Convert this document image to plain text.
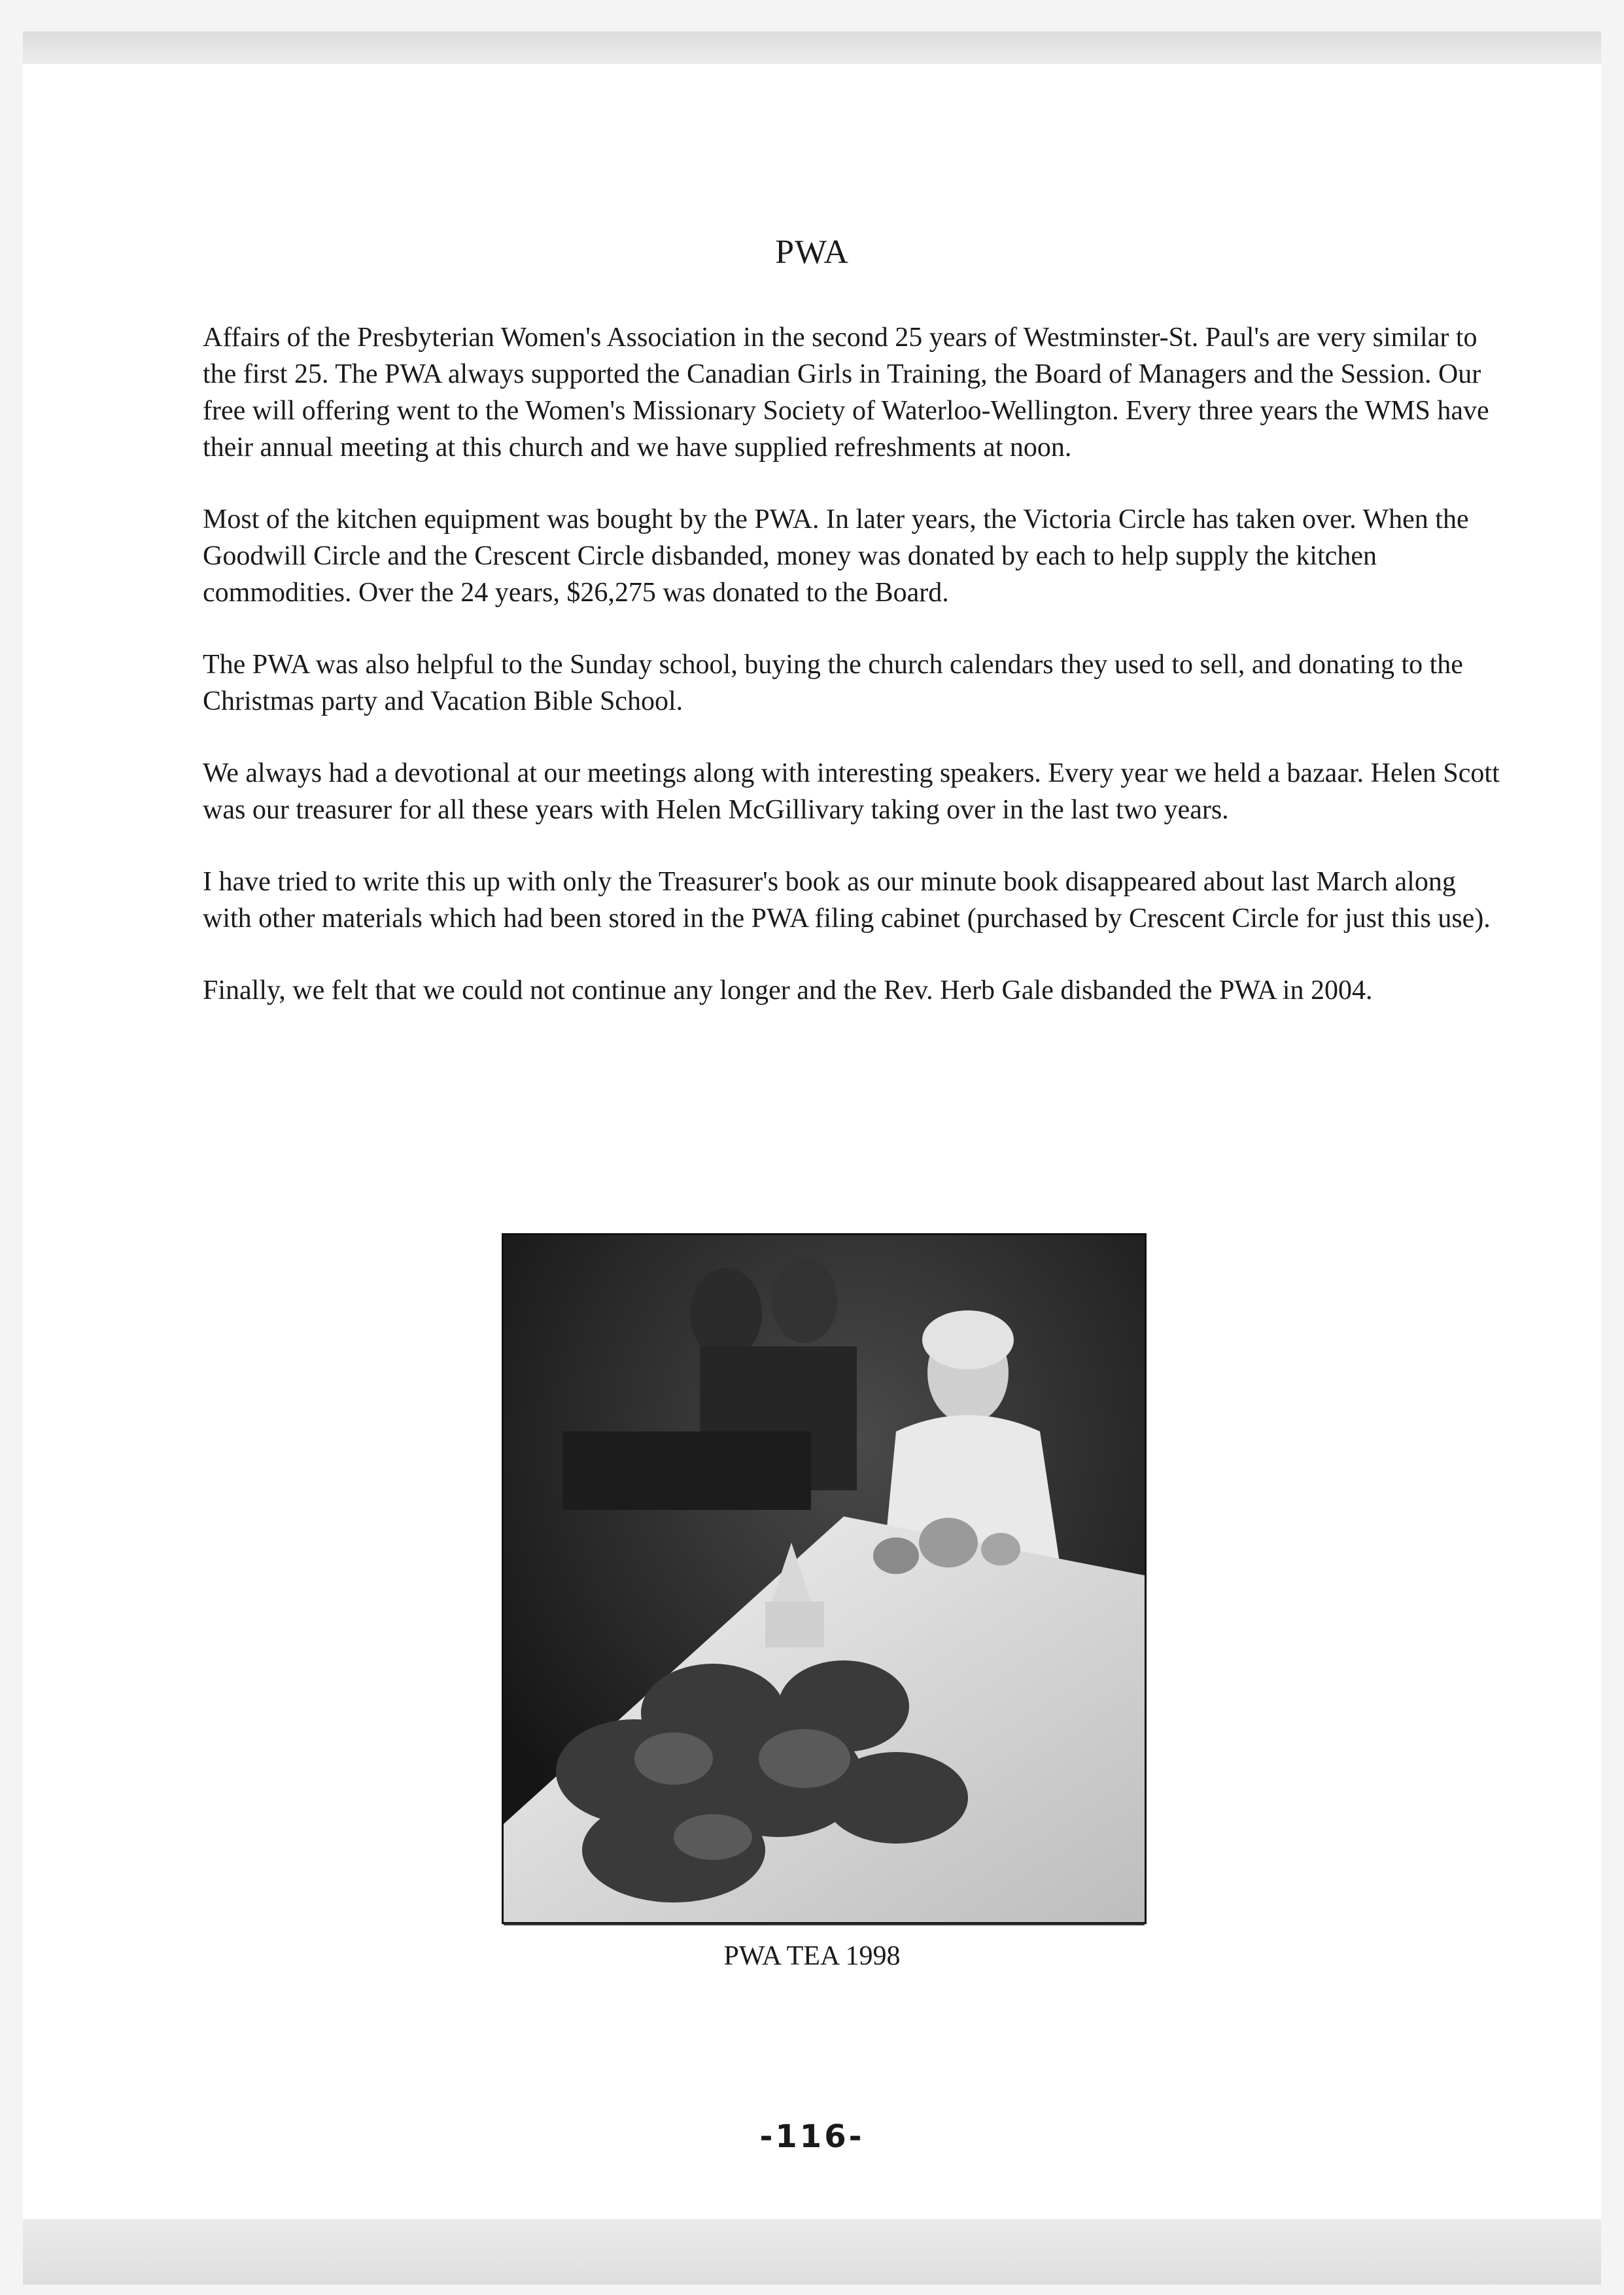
PWA

Affairs of the Presbyterian Women's Association in the second 25 years of Westminster-St. Paul's are very similar to the first 25. The PWA always supported the Canadian Girls in Training, the Board of Managers and the Session. Our free will offering went to the Women's Missionary Society of Waterloo-Wellington. Every three years the WMS have their annual meeting at this church and we have supplied refreshments at noon.

Most of the kitchen equipment was bought by the PWA. In later years, the Victoria Circle has taken over. When the Goodwill Circle and the Crescent Circle disbanded, money was donated by each to help supply the kitchen commodities. Over the 24 years, $26,275 was donated to the Board.

The PWA was also helpful to the Sunday school, buying the church calendars they used to sell, and donating to the Christmas party and Vacation Bible School.

We always had a devotional at our meetings along with interesting speakers. Every year we held a bazaar. Helen Scott was our treasurer for all these years with Helen McGillivary taking over in the last two years.

I have tried to write this up with only the Treasurer's book as our minute book disappeared about last March along with other materials which had been stored in the PWA filing cabinet (purchased by Crescent Circle for just this use).

Finally, we felt that we could not continue any longer and the Rev. Herb Gale disbanded the PWA in 2004.

PWA TEA 1998
-116-
